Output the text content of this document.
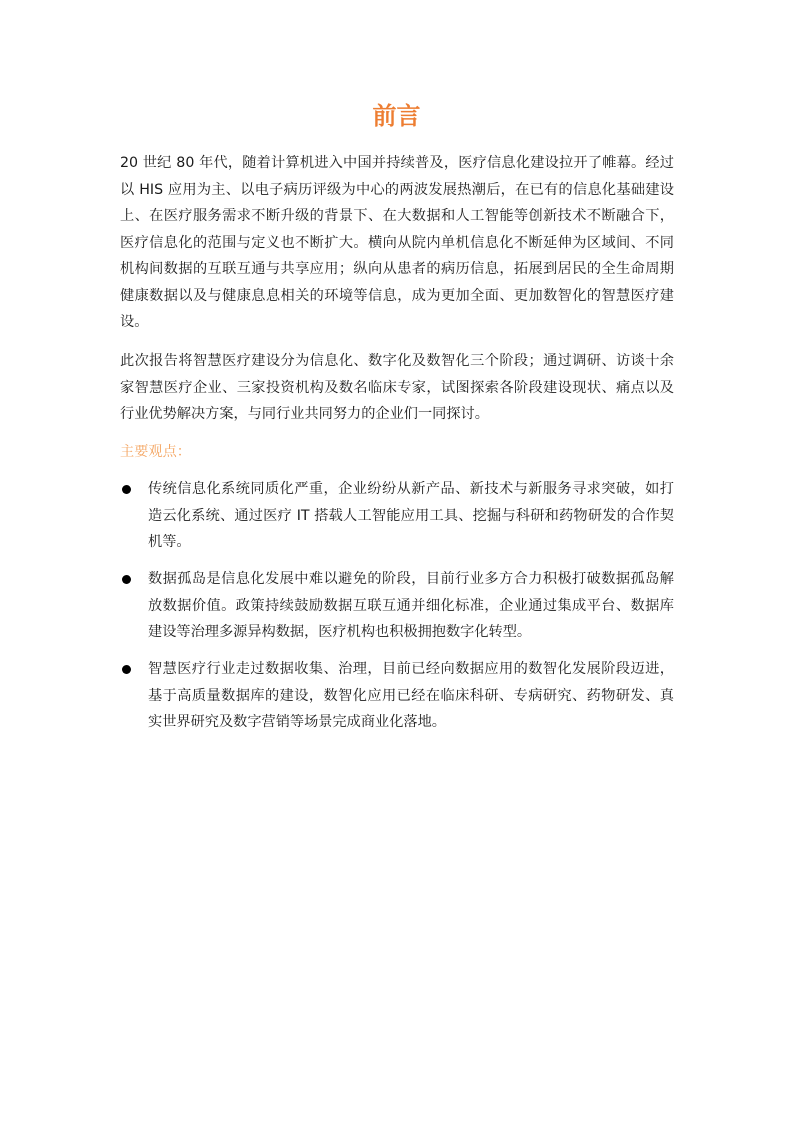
前言
20 世纪 80 年代，随着计算机进入中国并持续普及，医疗信息化建设拉开了帷幕。经过
以 HIS 应用为主、以电子病历评级为中心的两波发展热潮后，在已有的信息化基础建设
上、在医疗服务需求不断升级的背景下、在大数据和人工智能等创新技术不断融合下，
医疗信息化的范围与定义也不断扩大。横向从院内单机信息化不断延伸为区域间、不同
机构间数据的互联互通与共享应用；纵向从患者的病历信息，拓展到居民的全生命周期
健康数据以及与健康息息相关的环境等信息，成为更加全面、更加数智化的智慧医疗建
设。
此次报告将智慧医疗建设分为信息化、数字化及数智化三个阶段；通过调研、访谈十余
家智慧医疗企业、三家投资机构及数名临床专家，试图探索各阶段建设现状、痛点以及
行业优势解决方案，与同行业共同努力的企业们一同探讨。
主要观点：
传统信息化系统同质化严重，企业纷纷从新产品、新技术与新服务寻求突破，如打
造云化系统、通过医疗 IT 搭载人工智能应用工具、挖掘与科研和药物研发的合作契
机等。
数据孤岛是信息化发展中难以避免的阶段，目前行业多方合力积极打破数据孤岛解
放数据价值。政策持续鼓励数据互联互通并细化标准，企业通过集成平台、数据库
建设等治理多源异构数据，医疗机构也积极拥抱数字化转型。
智慧医疗行业走过数据收集、治理，目前已经向数据应用的数智化发展阶段迈进，
基于高质量数据库的建设，数智化应用已经在临床科研、专病研究、药物研发、真
实世界研究及数字营销等场景完成商业化落地。
